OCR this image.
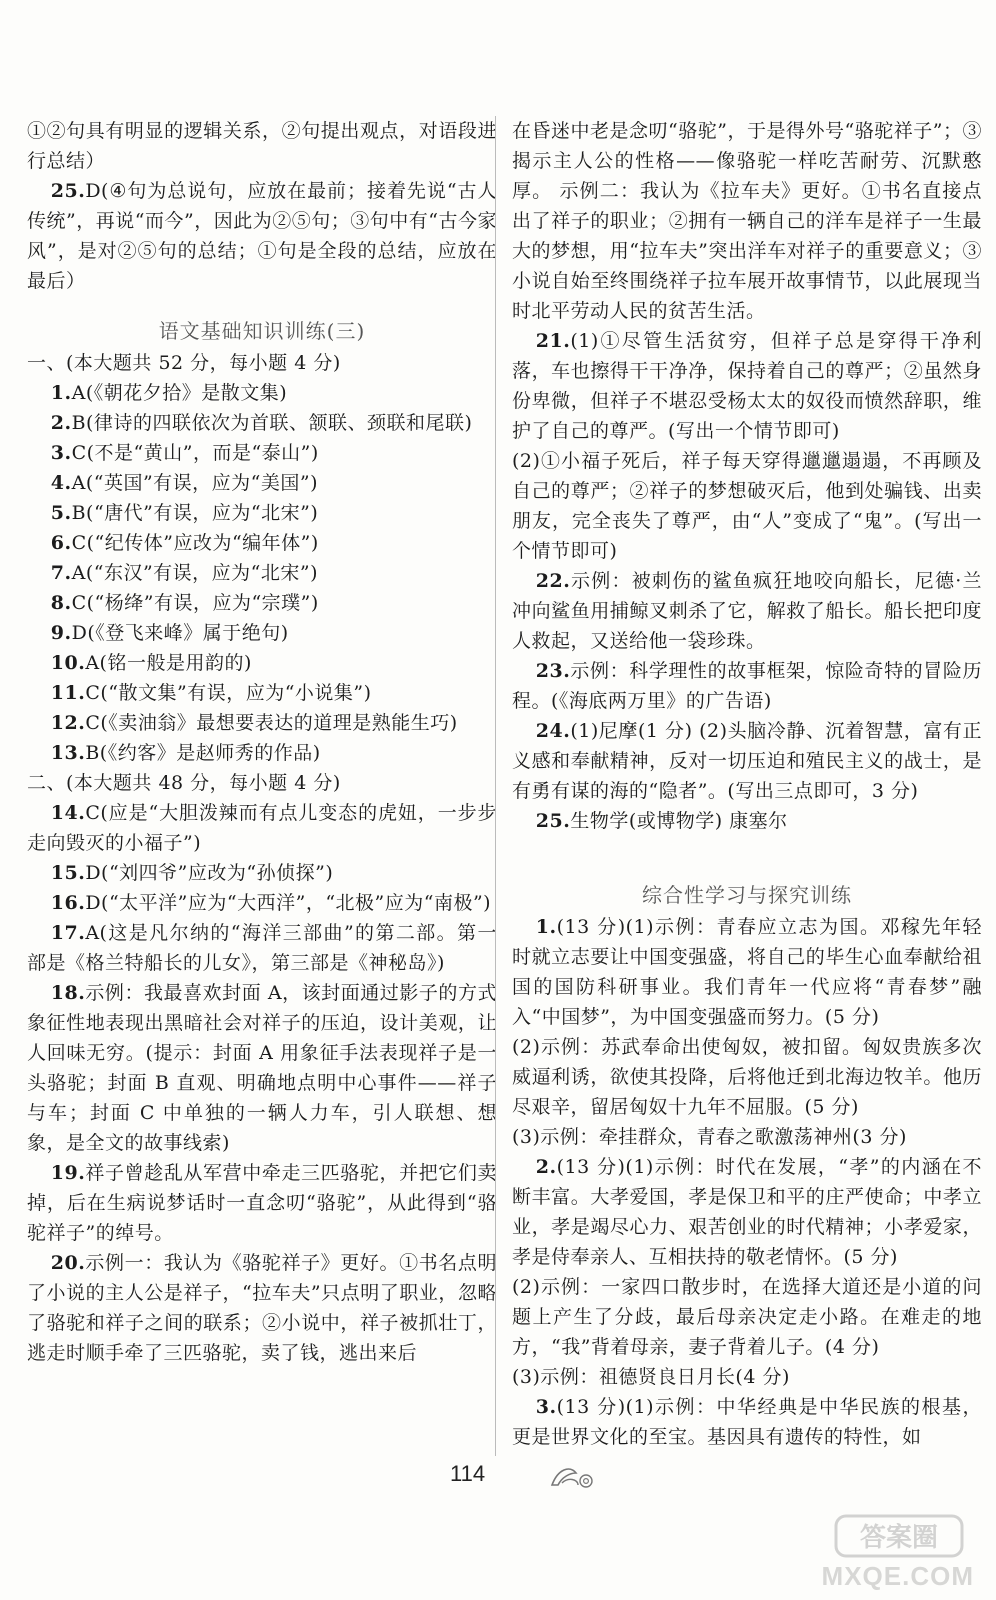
①②句具有明显的逻辑关系，②句提出观点，对语段进行总结）

25.D(④句为总说句，应放在最前；接着先说“古人传统”，再说“而今”，因此为②⑤句；③句中有“古今家风”，是对②⑤句的总结；①句是全段的总结，应放在最后）

语文基础知识训练(三)

一、(本大题共 52 分，每小题 4 分)

1.A(《朝花夕拾》是散文集)

2.B(律诗的四联依次为首联、颔联、颈联和尾联)

3.C(不是“黄山”，而是“泰山”)

4.A(“英国”有误，应为“美国”)

5.B(“唐代”有误，应为“北宋”)

6.C(“纪传体”应改为“编年体”)

7.A(“东汉”有误，应为“北宋”)

8.C(“杨绛”有误，应为“宗璞”)

9.D(《登飞来峰》属于绝句)

10.A(铭一般是用韵的)

11.C(“散文集”有误，应为“小说集”)

12.C(《卖油翁》最想要表达的道理是熟能生巧)

13.B(《约客》是赵师秀的作品)

二、(本大题共 48 分，每小题 4 分)

14.C(应是“大胆泼辣而有点儿变态的虎妞，一步步走向毁灭的小福子”)

15.D(“刘四爷”应改为“孙侦探”)

16.D(“太平洋”应为“大西洋”，“北极”应为“南极”)

17.A(这是凡尔纳的“海洋三部曲”的第二部。第一部是《格兰特船长的儿女》，第三部是《神秘岛》)

18.示例：我最喜欢封面 A，该封面通过影子的方式象征性地表现出黑暗社会对祥子的压迫，设计美观，让人回味无穷。(提示：封面 A 用象征手法表现祥子是一头骆驼；封面 B 直观、明确地点明中心事件——祥子与车；封面 C 中单独的一辆人力车，引人联想、想象，是全文的故事线索)

19.祥子曾趁乱从军营中牵走三匹骆驼，并把它们卖掉，后在生病说梦话时一直念叨“骆驼”，从此得到“骆驼祥子”的绰号。

20.示例一：我认为《骆驼祥子》更好。①书名点明了小说的主人公是祥子，“拉车夫”只点明了职业，忽略了骆驼和祥子之间的联系；②小说中，祥子被抓壮丁，逃走时顺手牵了三匹骆驼，卖了钱，逃出来后

在昏迷中老是念叨“骆驼”，于是得外号“骆驼祥子”；③揭示主人公的性格——像骆驼一样吃苦耐劳、沉默憨厚。 示例二：我认为《拉车夫》更好。①书名直接点出了祥子的职业；②拥有一辆自己的洋车是祥子一生最大的梦想，用“拉车夫”突出洋车对祥子的重要意义；③小说自始至终围绕祥子拉车展开故事情节，以此展现当时北平劳动人民的贫苦生活。

21.(1)①尽管生活贫穷，但祥子总是穿得干净利落，车也擦得干干净净，保持着自己的尊严；②虽然身份卑微，但祥子不堪忍受杨太太的奴役而愤然辞职，维护了自己的尊严。(写出一个情节即可)

(2)①小福子死后，祥子每天穿得邋邋遢遢，不再顾及自己的尊严；②祥子的梦想破灭后，他到处骗钱、出卖朋友，完全丧失了尊严，由“人”变成了“鬼”。(写出一个情节即可)

22.示例：被刺伤的鲨鱼疯狂地咬向船长，尼德·兰冲向鲨鱼用捕鲸叉刺杀了它，解救了船长。船长把印度人救起，又送给他一袋珍珠。

23.示例：科学理性的故事框架，惊险奇特的冒险历程。(《海底两万里》的广告语)

24.(1)尼摩(1 分) (2)头脑冷静、沉着智慧，富有正义感和奉献精神，反对一切压迫和殖民主义的战士，是有勇有谋的海的“隐者”。(写出三点即可，3 分)

25.生物学(或博物学) 康塞尔

综合性学习与探究训练

1.(13 分)(1)示例：青春应立志为国。邓稼先年轻时就立志要让中国变强盛，将自己的毕生心血奉献给祖国的国防科研事业。我们青年一代应将“青春梦”融入“中国梦”，为中国变强盛而努力。(5 分)

(2)示例：苏武奉命出使匈奴，被扣留。匈奴贵族多次威逼利诱，欲使其投降，后将他迁到北海边牧羊。他历尽艰辛，留居匈奴十九年不屈服。(5 分)

(3)示例：牵挂群众，青春之歌激荡神州(3 分)

2.(13 分)(1)示例：时代在发展，“孝”的内涵在不断丰富。大孝爱国，孝是保卫和平的庄严使命；中孝立业，孝是竭尽心力、艰苦创业的时代精神；小孝爱家，孝是侍奉亲人、互相扶持的敬老情怀。(5 分)

(2)示例：一家四口散步时，在选择大道还是小道的问题上产生了分歧，最后母亲决定走小路。在难走的地方，“我”背着母亲，妻子背着儿子。(4 分)

(3)示例：祖德贤良日月长(4 分)

3.(13 分)(1)示例：中华经典是中华民族的根基，更是世界文化的至宝。基因具有遗传的特性，如

114
答案圈
MXQE.COM
